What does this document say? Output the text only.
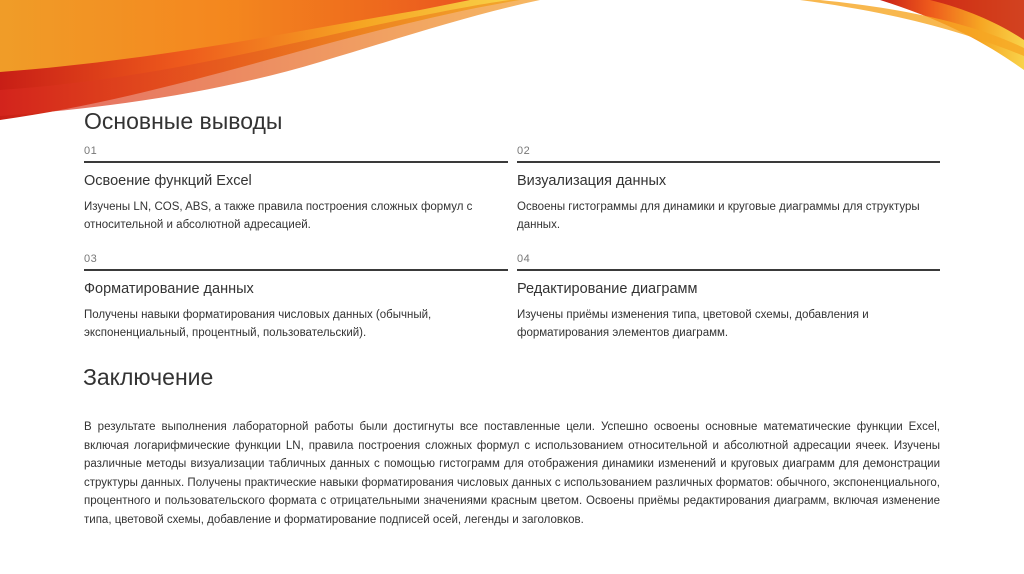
Основные выводы
01
Освоение функций Excel
Изучены LN, COS, ABS, а также правила построения сложных формул с относительной и абсолютной адресацией.
02
Визуализация данных
Освоены гистограммы для динамики и круговые диаграммы для структуры данных.
03
Форматирование данных
Получены навыки форматирования числовых данных (обычный, экспоненциальный, процентный, пользовательский).
04
Редактирование диаграмм
Изучены приёмы изменения типа, цветовой схемы, добавления и форматирования элементов диаграмм.
Заключение

В результате выполнения лабораторной работы были достигнуты все поставленные цели. Успешно освоены основные математические функции Excel, включая логарифмические функции LN, правила построения сложных формул с использованием относительной и абсолютной адресации ячеек. Изучены различные методы визуализации табличных данных с помощью гистограмм для отображения динамики изменений и круговых диаграмм для демонстрации структуры данных. Получены практические навыки форматирования числовых данных с использованием различных форматов: обычного, экспоненциального, процентного и пользовательского формата с отрицательными значениями красным цветом. Освоены приёмы редактирования диаграмм, включая изменение типа, цветовой схемы, добавление и форматирование подписей осей, легенды и заголовков.
